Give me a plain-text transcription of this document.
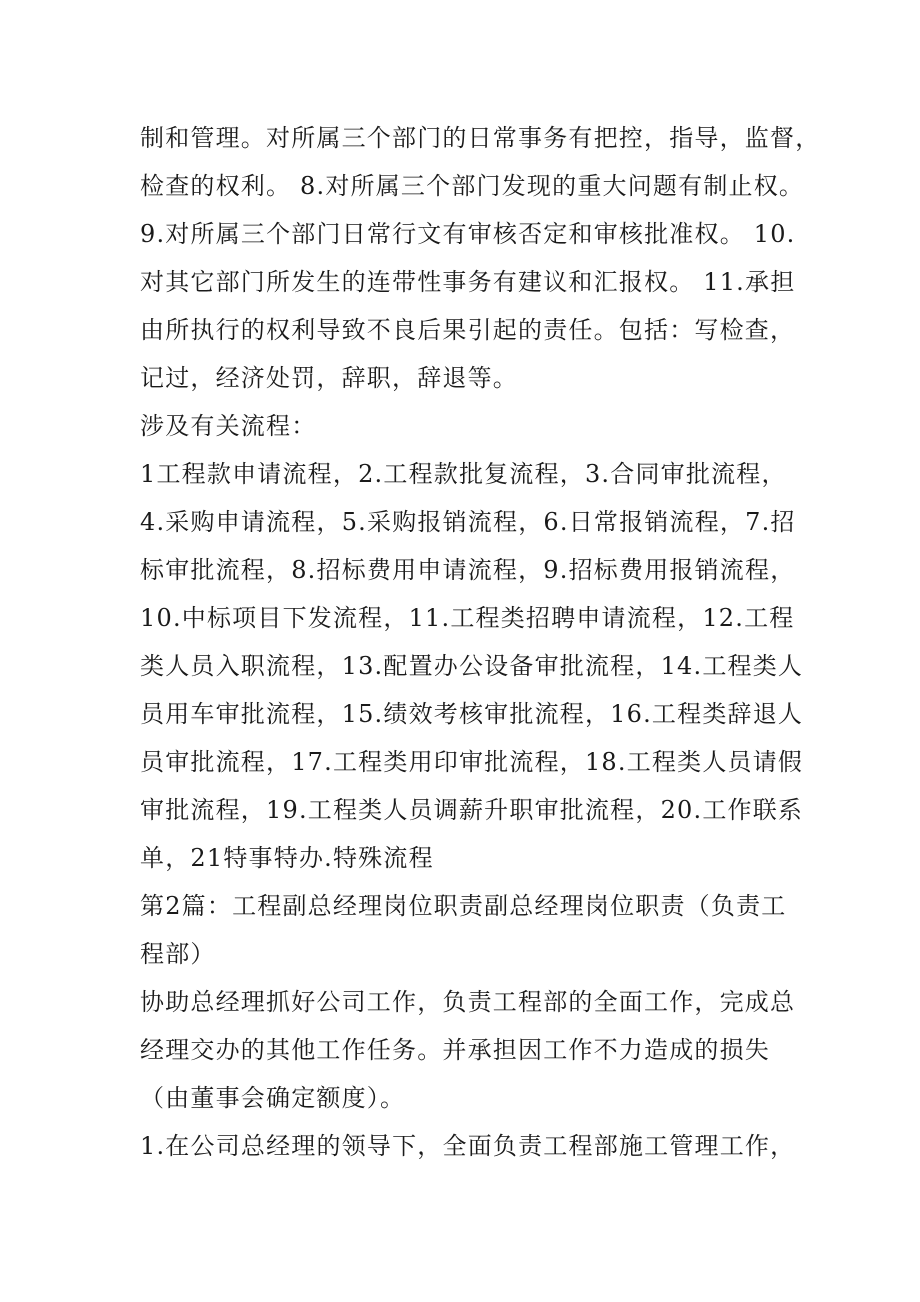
制和管理。对所属三个部门的日常事务有把控，指导，监督，
检查的权利。 8.对所属三个部门发现的重大问题有制止权。
9.对所属三个部门日常行文有审核否定和审核批准权。 10.
对其它部门所发生的连带性事务有建议和汇报权。 11.承担
由所执行的权利导致不良后果引起的责任。包括：写检查，
记过，经济处罚，辞职，辞退等。
涉及有关流程：
1工程款申请流程，2.工程款批复流程，3.合同审批流程，
4.采购申请流程，5.采购报销流程，6.日常报销流程，7.招
标审批流程，8.招标费用申请流程，9.招标费用报销流程，
10.中标项目下发流程，11.工程类招聘申请流程，12.工程
类人员入职流程，13.配置办公设备审批流程，14.工程类人
员用车审批流程，15.绩效考核审批流程，16.工程类辞退人
员审批流程，17.工程类用印审批流程，18.工程类人员请假
审批流程，19.工程类人员调薪升职审批流程，20.工作联系
单，21特事特办.特殊流程
第2篇：工程副总经理岗位职责副总经理岗位职责（负责工
程部）
协助总经理抓好公司工作，负责工程部的全面工作，完成总
经理交办的其他工作任务。并承担因工作不力造成的损失
（由董事会确定额度）。
1.在公司总经理的领导下，全面负责工程部施工管理工作，
